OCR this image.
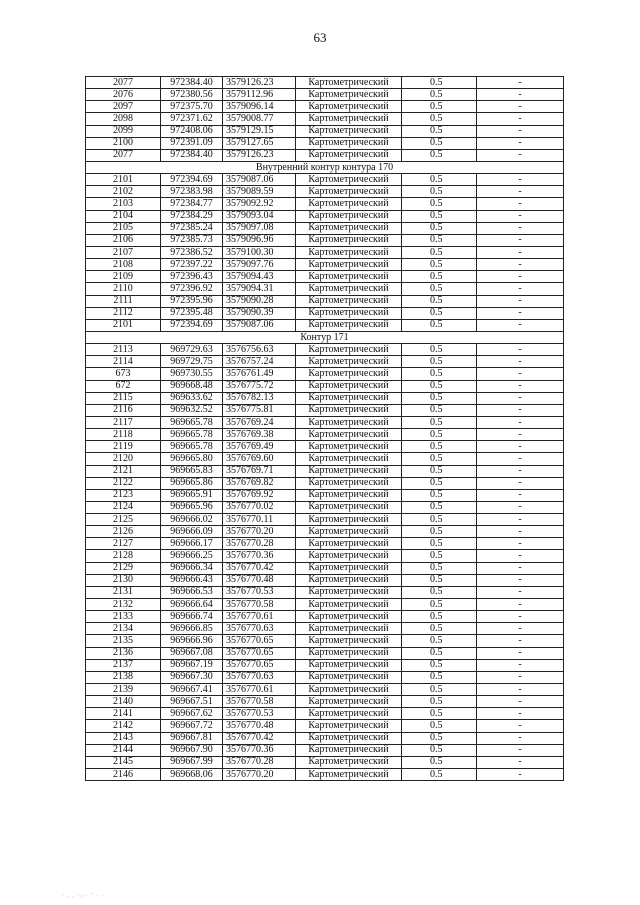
63
2077	972384.40	3579126.23	Картометрический	0.5	-
2076	972380.56	3579112.96	Картометрический	0.5	-
2097	972375.70	3579096.14	Картометрический	0.5	-
2098	972371.62	3579008.77	Картометрический	0.5	-
2099	972408.06	3579129.15	Картометрический	0.5	-
2100	972391.09	3579127.65	Картометрический	0.5	-
2077	972384.40	3579126.23	Картометрический	0.5	-
Внутренний контур контура 170					
2101	972394.69	3579087.06	Картометрический	0.5	-
2102	972383.98	3579089.59	Картометрический	0.5	-
2103	972384.77	3579092.92	Картометрический	0.5	-
2104	972384.29	3579093.04	Картометрический	0.5	-
2105	972385.24	3579097.08	Картометрический	0.5	-
2106	972385.73	3579096.96	Картометрический	0.5	-
2107	972386.52	3579100.30	Картометрический	0.5	-
2108	972397.22	3579097.76	Картометрический	0.5	-
2109	972396.43	3579094.43	Картометрический	0.5	-
2110	972396.92	3579094.31	Картометрический	0.5	-
2111	972395.96	3579090.28	Картометрический	0.5	-
2112	972395.48	3579090.39	Картометрический	0.5	-
2101	972394.69	3579087.06	Картометрический	0.5	-
Контур 171					
2113	969729.63	3576756.63	Картометрический	0.5	-
2114	969729.75	3576757.24	Картометрический	0.5	-
673	969730.55	3576761.49	Картометрический	0.5	-
672	969668.48	3576775.72	Картометрический	0.5	-
2115	969633.62	3576782.13	Картометрический	0.5	-
2116	969632.52	3576775.81	Картометрический	0.5	-
2117	969665.78	3576769.24	Картометрический	0.5	-
2118	969665.78	3576769.38	Картометрический	0.5	-
2119	969665.78	3576769.49	Картометрический	0.5	-
2120	969665.80	3576769.60	Картометрический	0.5	-
2121	969665.83	3576769.71	Картометрический	0.5	-
2122	969665.86	3576769.82	Картометрический	0.5	-
2123	969665.91	3576769.92	Картометрический	0.5	-
2124	969665.96	3576770.02	Картометрический	0.5	-
2125	969666.02	3576770.11	Картометрический	0.5	-
2126	969666.09	3576770.20	Картометрический	0.5	-
2127	969666.17	3576770.28	Картометрический	0.5	-
2128	969666.25	3576770.36	Картометрический	0.5	-
2129	969666.34	3576770.42	Картометрический	0.5	-
2130	969666.43	3576770.48	Картометрический	0.5	-
2131	969666.53	3576770.53	Картометрический	0.5	-
2132	969666.64	3576770.58	Картометрический	0.5	-
2133	969666.74	3576770.61	Картометрический	0.5	-
2134	969666.85	3576770.63	Картометрический	0.5	-
2135	969666.96	3576770.65	Картометрический	0.5	-
2136	969667.08	3576770.65	Картометрический	0.5	-
2137	969667.19	3576770.65	Картометрический	0.5	-
2138	969667.30	3576770.63	Картометрический	0.5	-
2139	969667.41	3576770.61	Картометрический	0.5	-
2140	969667.51	3576770.58	Картометрический	0.5	-
2141	969667.62	3576770.53	Картометрический	0.5	-
2142	969667.72	3576770.48	Картометрический	0.5	-
2143	969667.81	3576770.42	Картометрический	0.5	-
2144	969667.90	3576770.36	Картометрический	0.5	-
2145	969667.99	3576770.28	Картометрический	0.5	-
2146	969668.06	3576770.20	Картометрический	0.5	-
· . , ·:·· ' · ·
